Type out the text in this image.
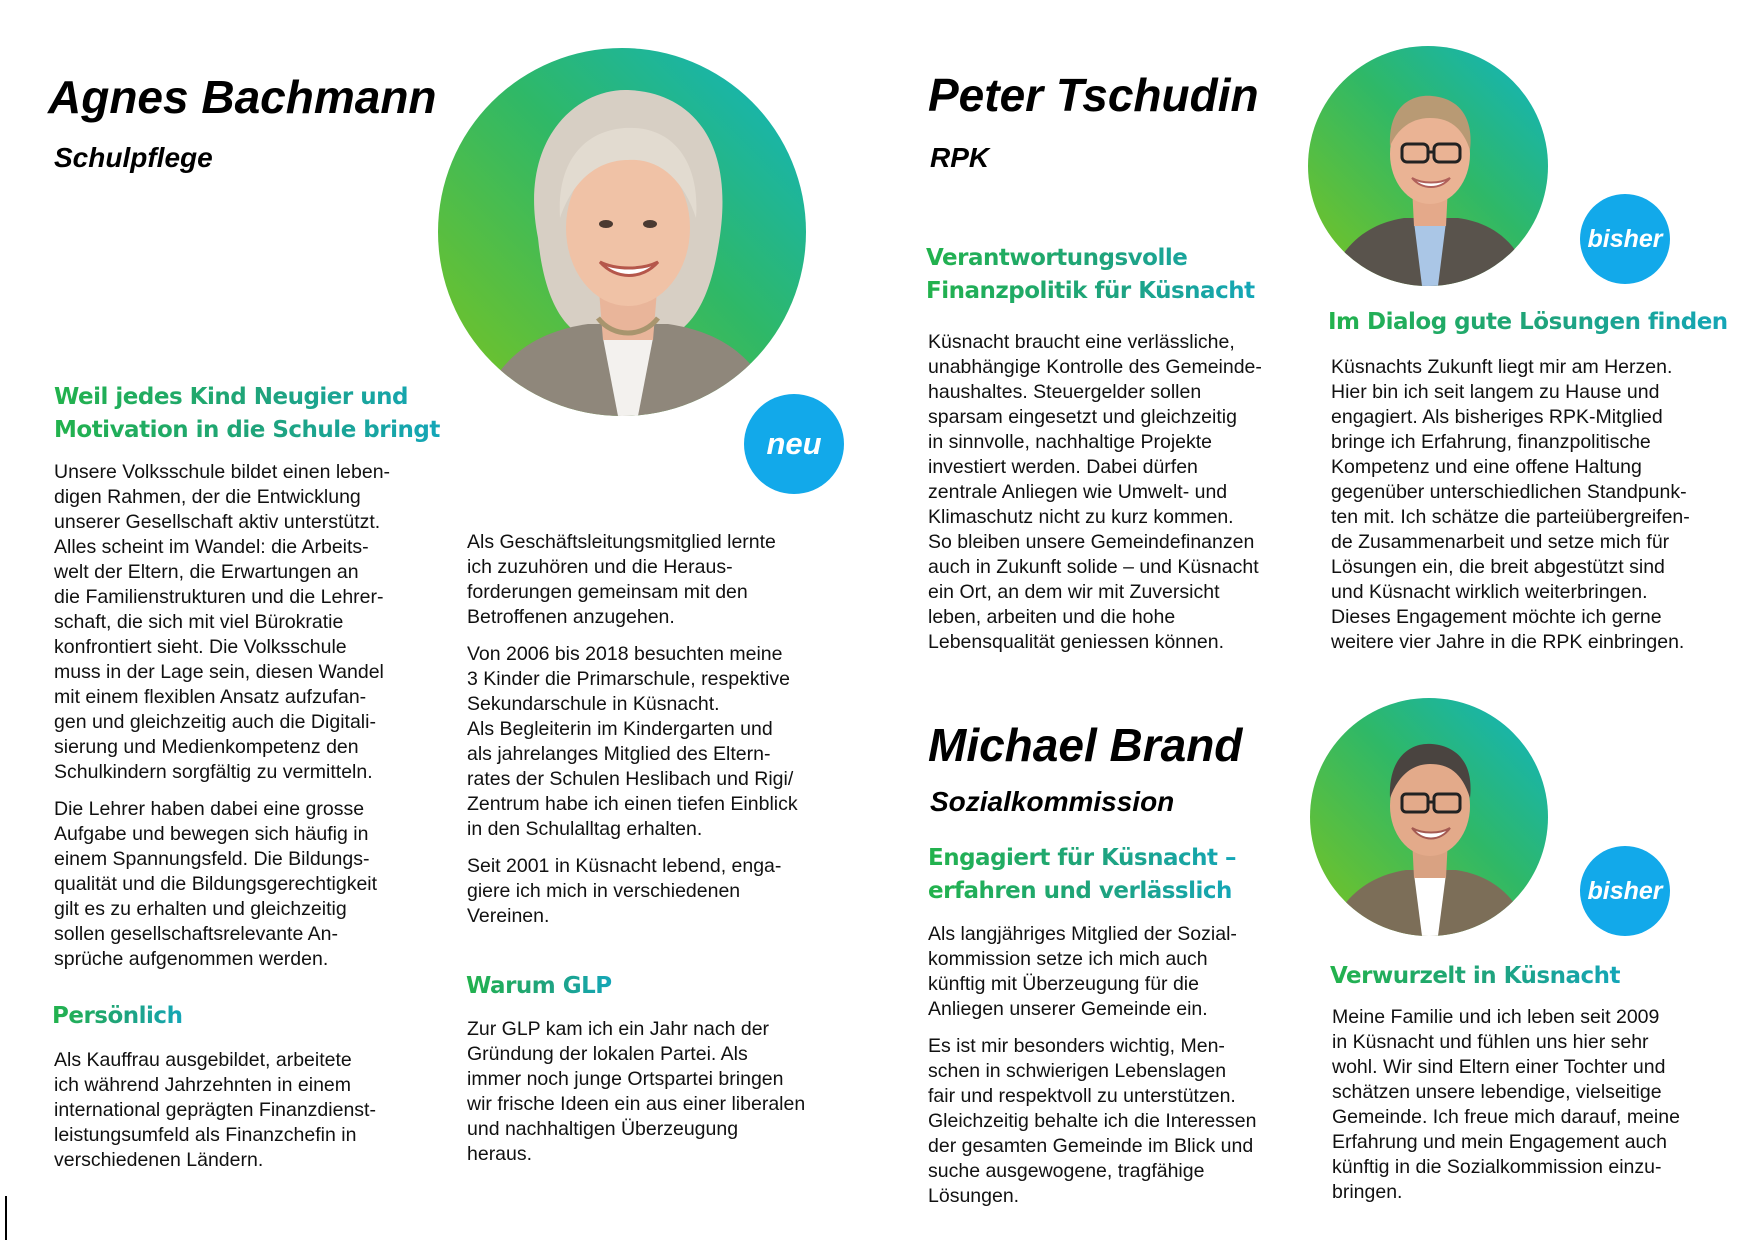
Agnes Bachmann
Schulpflege
neu
Weil jedes Kind Neugier und
Motivation in die Schule bringt

Unsere Volksschule bildet einen leben-
digen Rahmen, der die Entwicklung
unserer Gesellschaft aktiv unterstützt.
Alles scheint im Wandel: die Arbeits-
welt der Eltern, die Erwartungen an
die Familienstrukturen und die Lehrer-
schaft, die sich mit viel Bürokratie
konfrontiert sieht. Die Volksschule
muss in der Lage sein, diesen Wandel
mit einem flexiblen Ansatz aufzufan-
gen und gleichzeitig auch die Digitali-
sierung und Medienkompetenz den
Schulkindern sorgfältig zu vermitteln.

Die Lehrer haben dabei eine grosse
Aufgabe und bewegen sich häufig in
einem Spannungsfeld. Die Bildungs-
qualität und die Bildungsgerechtigkeit
gilt es zu erhalten und gleichzeitig
sollen gesellschaftsrelevante An-
sprüche aufgenommen werden.

Persönlich

Als Kauffrau ausgebildet, arbeitete
ich während Jahrzehnten in einem
international geprägten Finanzdienst-
leistungsumfeld als Finanzchefin in
verschiedenen Ländern.

Als Geschäftsleitungsmitglied lernte
ich zuzuhören und die Heraus-
forderungen gemeinsam mit den
Betroffenen anzugehen.

Von 2006 bis 2018 besuchten meine
3 Kinder die Primarschule, respektive
Sekundarschule in Küsnacht.
Als Begleiterin im Kindergarten und
als jahrelanges Mitglied des Eltern-
rates der Schulen Heslibach und Rigi/
Zentrum habe ich einen tiefen Einblick
in den Schulalltag erhalten.

Seit 2001 in Küsnacht lebend, enga-
giere ich mich in verschiedenen
Vereinen.

Warum GLP

Zur GLP kam ich ein Jahr nach der
Gründung der lokalen Partei. Als
immer noch junge Ortspartei bringen
wir frische Ideen ein aus einer liberalen
und nachhaltigen Überzeugung
heraus.

Peter Tschudin
RPK
bisher
Verantwortungsvolle
Finanzpolitik für Küsnacht

Küsnacht braucht eine verlässliche,
unabhängige Kontrolle des Gemeinde-
haushaltes. Steuergelder sollen
sparsam eingesetzt und gleichzeitig
in sinnvolle, nachhaltige Projekte
investiert werden. Dabei dürfen
zentrale Anliegen wie Umwelt- und
Klimaschutz nicht zu kurz kommen.
So bleiben unsere Gemeindefinanzen
auch in Zukunft solide – und Küsnacht
ein Ort, an dem wir mit Zuversicht
leben, arbeiten und die hohe
Lebensqualität geniessen können.

Im Dialog gute Lösungen finden

Küsnachts Zukunft liegt mir am Herzen.
Hier bin ich seit langem zu Hause und
engagiert. Als bisheriges RPK-Mitglied
bringe ich Erfahrung, finanzpolitische
Kompetenz und eine offene Haltung
gegenüber unterschiedlichen Standpunk-
ten mit. Ich schätze die parteiübergreifen-
de Zusammenarbeit und setze mich für
Lösungen ein, die breit abgestützt sind
und Küsnacht wirklich weiterbringen.
Dieses Engagement möchte ich gerne
weitere vier Jahre in die RPK einbringen.

Michael Brand
Sozialkommission
bisher
Engagiert für Küsnacht –
erfahren und verlässlich

Als langjähriges Mitglied der Sozial-
kommission setze ich mich auch
künftig mit Überzeugung für die
Anliegen unserer Gemeinde ein.

Es ist mir besonders wichtig, Men-
schen in schwierigen Lebenslagen
fair und respektvoll zu unterstützen.
Gleichzeitig behalte ich die Interessen
der gesamten Gemeinde im Blick und
suche ausgewogene, tragfähige
Lösungen.

Verwurzelt in Küsnacht

Meine Familie und ich leben seit 2009
in Küsnacht und fühlen uns hier sehr
wohl. Wir sind Eltern einer Tochter und
schätzen unsere lebendige, vielseitige
Gemeinde. Ich freue mich darauf, meine
Erfahrung und mein Engagement auch
künftig in die Sozialkommission einzu-
bringen.
